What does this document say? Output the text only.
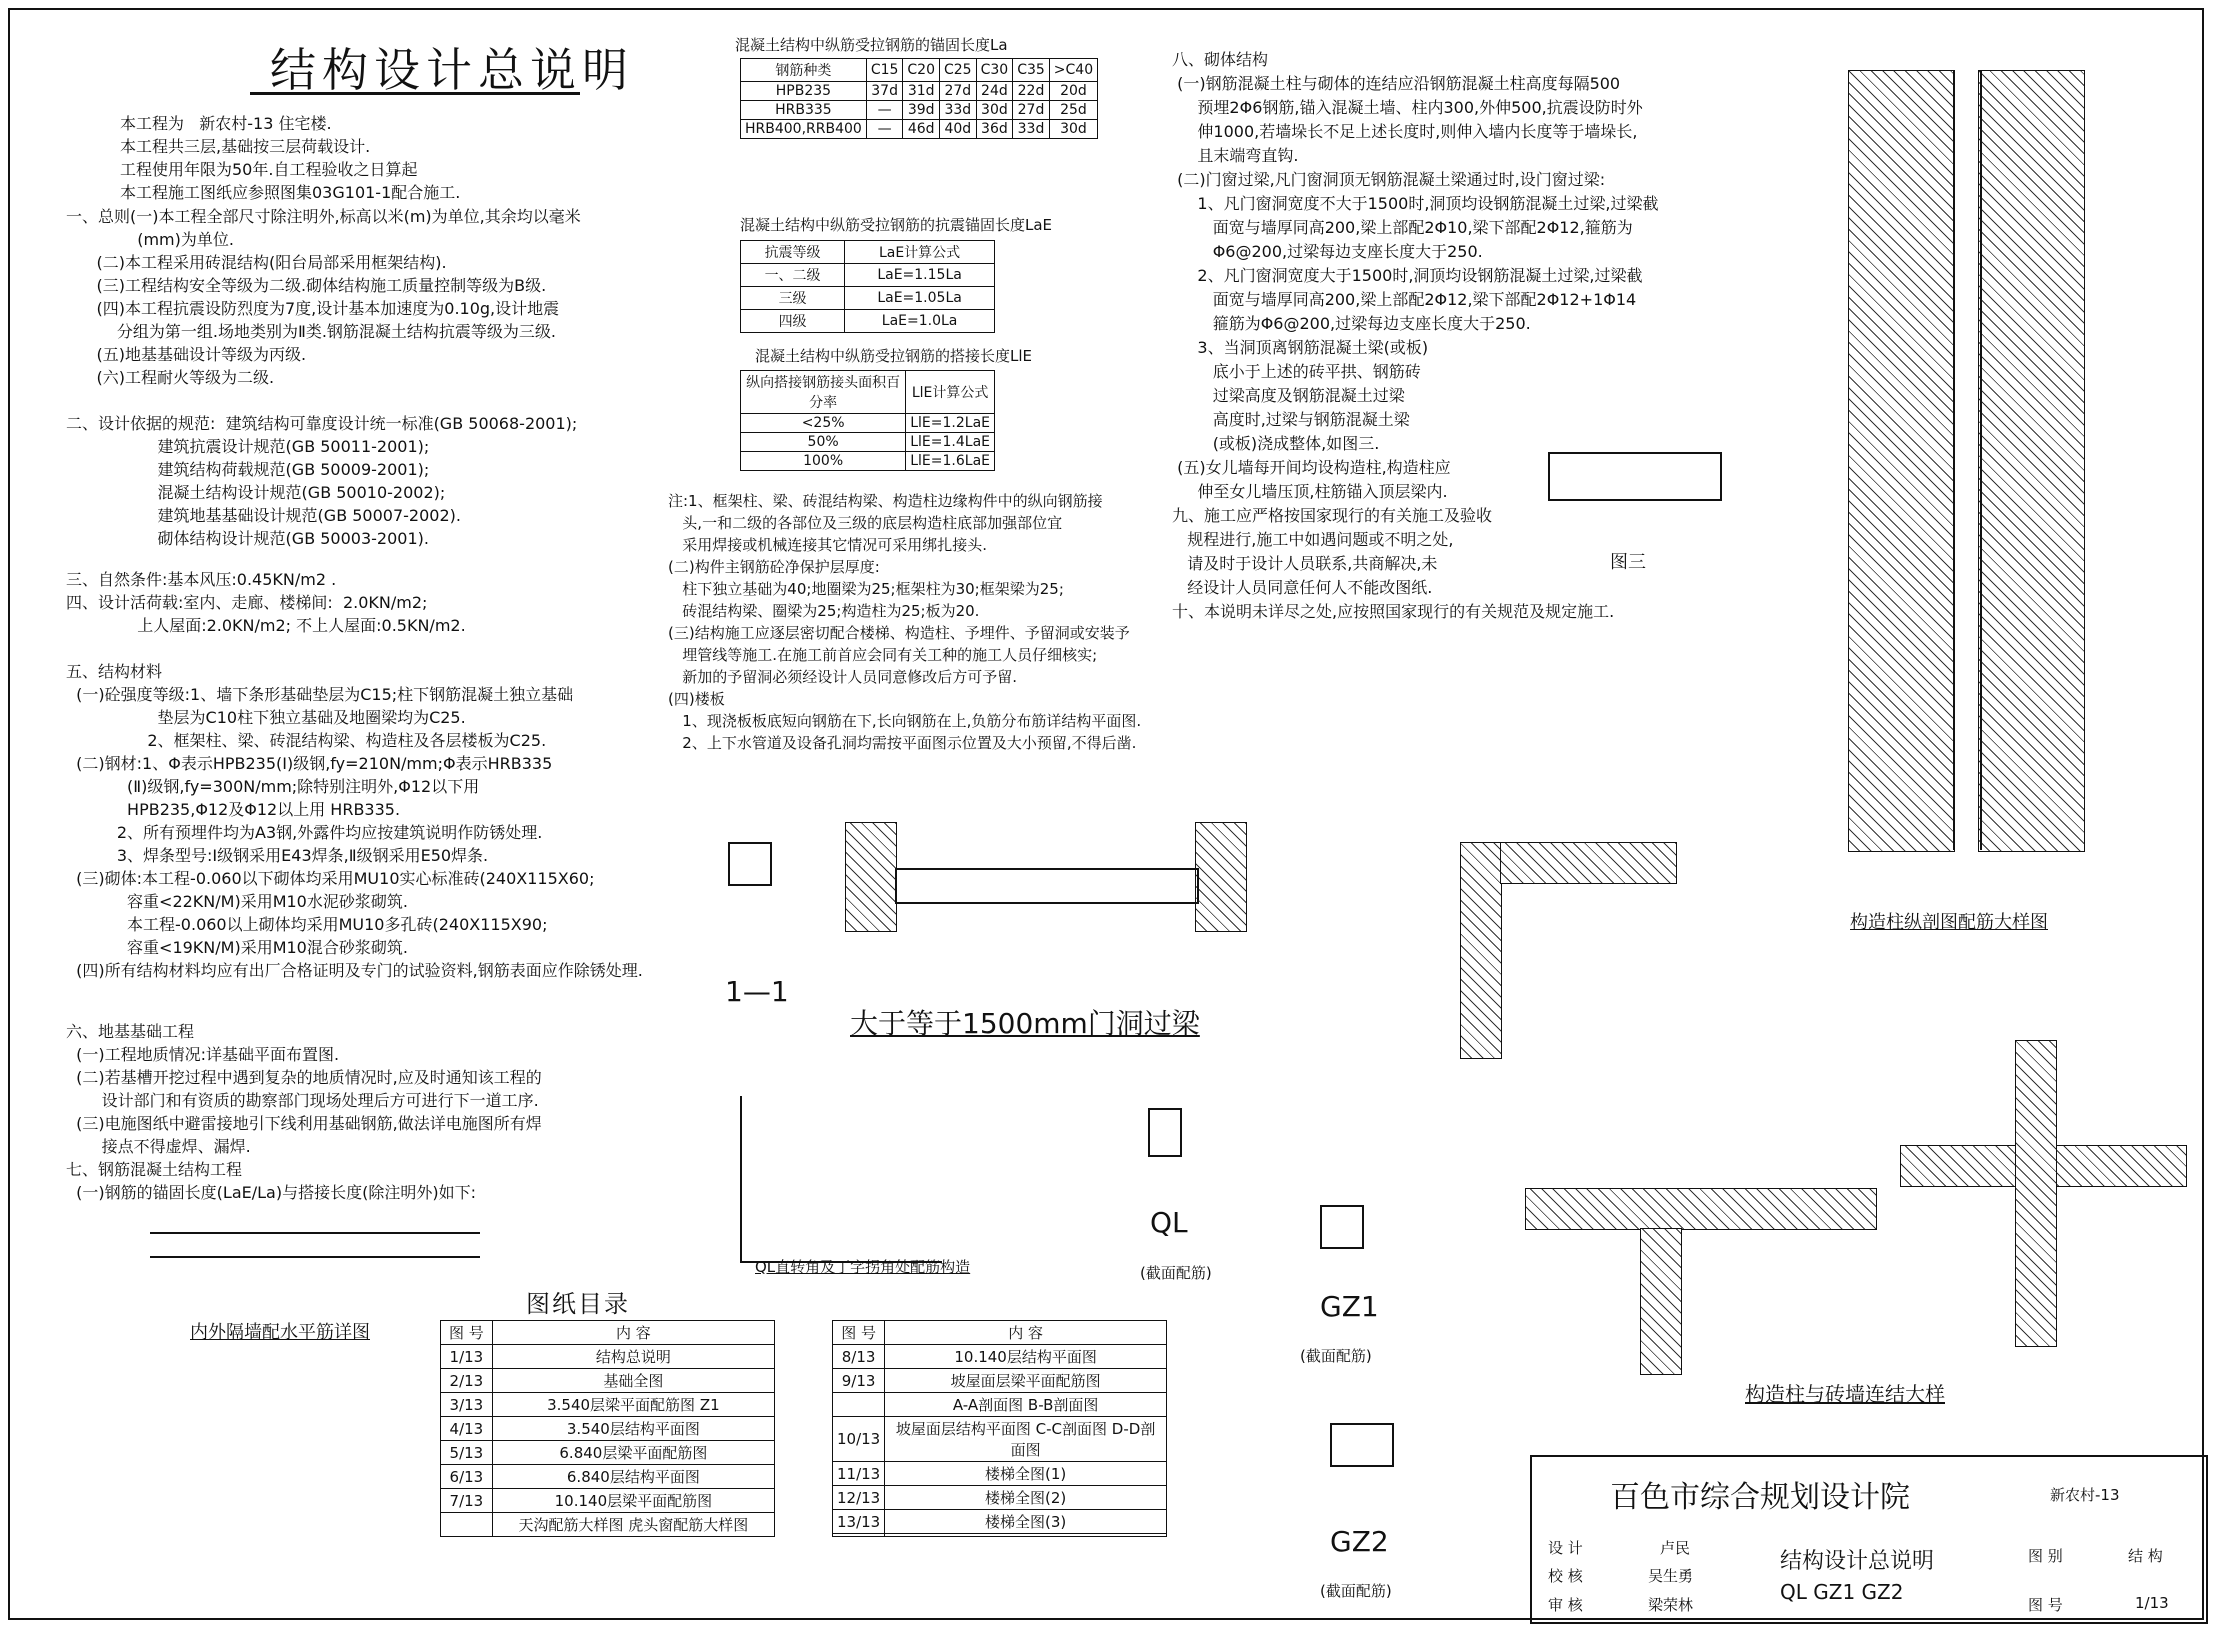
结构设计总说明
本工程为   新农村-13 住宅楼.
本工程共三层,基础按三层荷载设计.
工程使用年限为50年.自工程验收之日算起
本工程施工图纸应参照图集03G101-1配合施工.
一、总则(一)本工程全部尺寸除注明外,标高以米(m)为单位,其余均以毫米
(mm)为单位.
(二)本工程采用砖混结构(阳台局部采用框架结构).
(三)工程结构安全等级为二级.砌体结构施工质量控制等级为B级.
(四)本工程抗震设防烈度为7度,设计基本加速度为0.10g,设计地震
分组为第一组.场地类别为Ⅱ类.钢筋混凝土结构抗震等级为三级.
(五)地基基础设计等级为丙级.
(六)工程耐火等级为二级.
二、设计依据的规范:  建筑结构可靠度设计统一标准(GB 50068-2001);
建筑抗震设计规范(GB 50011-2001);
建筑结构荷载规范(GB 50009-2001);
混凝土结构设计规范(GB 50010-2002);
建筑地基基础设计规范(GB 50007-2002).
砌体结构设计规范(GB 50003-2001).
三、自然条件:基本风压:0.45KN/m2 .
四、设计活荷载:室内、走廊、楼梯间:  2.0KN/m2;
上人屋面:2.0KN/m2; 不上人屋面:0.5KN/m2.
五、结构材料
(一)砼强度等级:1、墙下条形基础垫层为C15;柱下钢筋混凝土独立基础
垫层为C10柱下独立基础及地圈梁均为C25.
2、框架柱、梁、砖混结构梁、构造柱及各层楼板为C25.
(二)钢材:1、Φ表示HPB235(Ⅰ)级钢,fy=210N/mm;Φ表示HRB335
(Ⅱ)级钢,fy=300N/mm;除特别注明外,Φ12以下用
HPB235,Φ12及Φ12以上用 HRB335.
2、所有预埋件均为A3钢,外露件均应按建筑说明作防锈处理.
3、焊条型号:Ⅰ级钢采用E43焊条,Ⅱ级钢采用E50焊条.
(三)砌体:本工程-0.060以下砌体均采用MU10实心标准砖(240X115X60;
容重<22KN/M)采用M10水泥砂浆砌筑.
本工程-0.060以上砌体均采用MU10多孔砖(240X115X90;
容重<19KN/M)采用M10混合砂浆砌筑.
(四)所有结构材料均应有出厂合格证明及专门的试验资料,钢筋表面应作除锈处理.
六、地基基础工程
(一)工程地质情况:详基础平面布置图.
(二)若基槽开挖过程中遇到复杂的地质情况时,应及时通知该工程的
设计部门和有资质的勘察部门现场处理后方可进行下一道工序.
(三)电施图纸中避雷接地引下线利用基础钢筋,做法详电施图所有焊
接点不得虚焊、漏焊.
七、钢筋混凝土结构工程
(一)钢筋的锚固长度(LaE/La)与搭接长度(除注明外)如下:
内外隔墙配水平筋详图
混凝土结构中纵筋受拉钢筋的锚固长度La
钢筋种类	C15	C20	C25	C30	C35	>C40
HPB235	37d	31d	27d	24d	22d	20d
HRB335	—	39d	33d	30d	27d	25d
HRB400,RRB400	—	46d	40d	36d	33d	30d
混凝土结构中纵筋受拉钢筋的抗震锚固长度LaE
抗震等级	LaE计算公式
一、二级	LaE=1.15La
三级	LaE=1.05La
四级	LaE=1.0La
混凝土结构中纵筋受拉钢筋的搭接长度LlE
纵向搭接钢筋接头面积百分率	LlE计算公式
<25%	LlE=1.2LaE
50%	LlE=1.4LaE
100%	LlE=1.6LaE
注:1、框架柱、梁、砖混结构梁、构造柱边缘构件中的纵向钢筋接
头,一和二级的各部位及三级的底层构造柱底部加强部位宜
采用焊接或机械连接其它情况可采用绑扎接头.
(二)构件主钢筋砼净保护层厚度:
柱下独立基础为40;地圈梁为25;框架柱为30;框架梁为25;
砖混结构梁、圈梁为25;构造柱为25;板为20.
(三)结构施工应逐层密切配合楼梯、构造柱、予埋件、予留洞或安装予
埋管线等施工.在施工前首应会同有关工种的施工人员仔细核实;
新加的予留洞必须经设计人员同意修改后方可予留.
(四)楼板
1、现浇板板底短向钢筋在下,长向钢筋在上,负筋分布筋详结构平面图.
2、上下水管道及设备孔洞均需按平面图示位置及大小预留,不得后凿.
1—1
大于等于1500mm门洞过梁
QL直转角及丁字拐角处配筋构造
QL
(截面配筋)
图纸目录
图 号	内 容
1/13	结构总说明
2/13	基础全图
3/13	3.540层梁平面配筋图 Z1
4/13	3.540层结构平面图
5/13	6.840层梁平面配筋图
6/13	6.840层结构平面图
7/13	10.140层梁平面配筋图
	天沟配筋大样图 虎头窗配筋大样图
图 号	内 容
8/13	10.140层结构平面图
9/13	坡屋面层梁平面配筋图
	A-A剖面图 B-B剖面图
10/13	坡屋面层结构平面图 C-C剖面图 D-D剖面图
11/13	楼梯全图(1)
12/13	楼梯全图(2)
13/13	楼梯全图(3)

八、砌体结构
(一)钢筋混凝土柱与砌体的连结应沿钢筋混凝土柱高度每隔500
预埋2Φ6钢筋,锚入混凝土墙、柱内300,外伸500,抗震设防时外
伸1000,若墙垛长不足上述长度时,则伸入墙内长度等于墙垛长,
且末端弯直钩.
(二)门窗过梁,凡门窗洞顶无钢筋混凝土梁通过时,设门窗过梁:
1、凡门窗洞宽度不大于1500时,洞顶均设钢筋混凝土过梁,过梁截
面宽与墙厚同高200,梁上部配2Φ10,梁下部配2Φ12,箍筋为
Φ6@200,过梁每边支座长度大于250.
2、凡门窗洞宽度大于1500时,洞顶均设钢筋混凝土过梁,过梁截
面宽与墙厚同高200,梁上部配2Φ12,梁下部配2Φ12+1Φ14
箍筋为Φ6@200,过梁每边支座长度大于250.
3、当洞顶离钢筋混凝土梁(或板)
底小于上述的砖平拱、钢筋砖
过梁高度及钢筋混凝土过梁
高度时,过梁与钢筋混凝土梁
(或板)浇成整体,如图三.
(五)女儿墙每开间均设构造柱,构造柱应
伸至女儿墙压顶,柱筋锚入顶层梁内.
九、施工应严格按国家现行的有关施工及验收
规程进行,施工中如遇问题或不明之处,
请及时于设计人员联系,共商解决,未
经设计人员同意任何人不能改图纸.
十、本说明未详尽之处,应按照国家现行的有关规范及规定施工.
图三
构造柱纵剖图配筋大样图
构造柱与砖墙连结大样
GZ1
(截面配筋)
GZ2
(截面配筋)
百色市综合规划设计院	新农村-13
设 计	卢民
校 核	吴生勇
审 核	梁荣林
结构设计总说明
QL GZ1 GZ2
图 别	结 构
图 号	1/13
